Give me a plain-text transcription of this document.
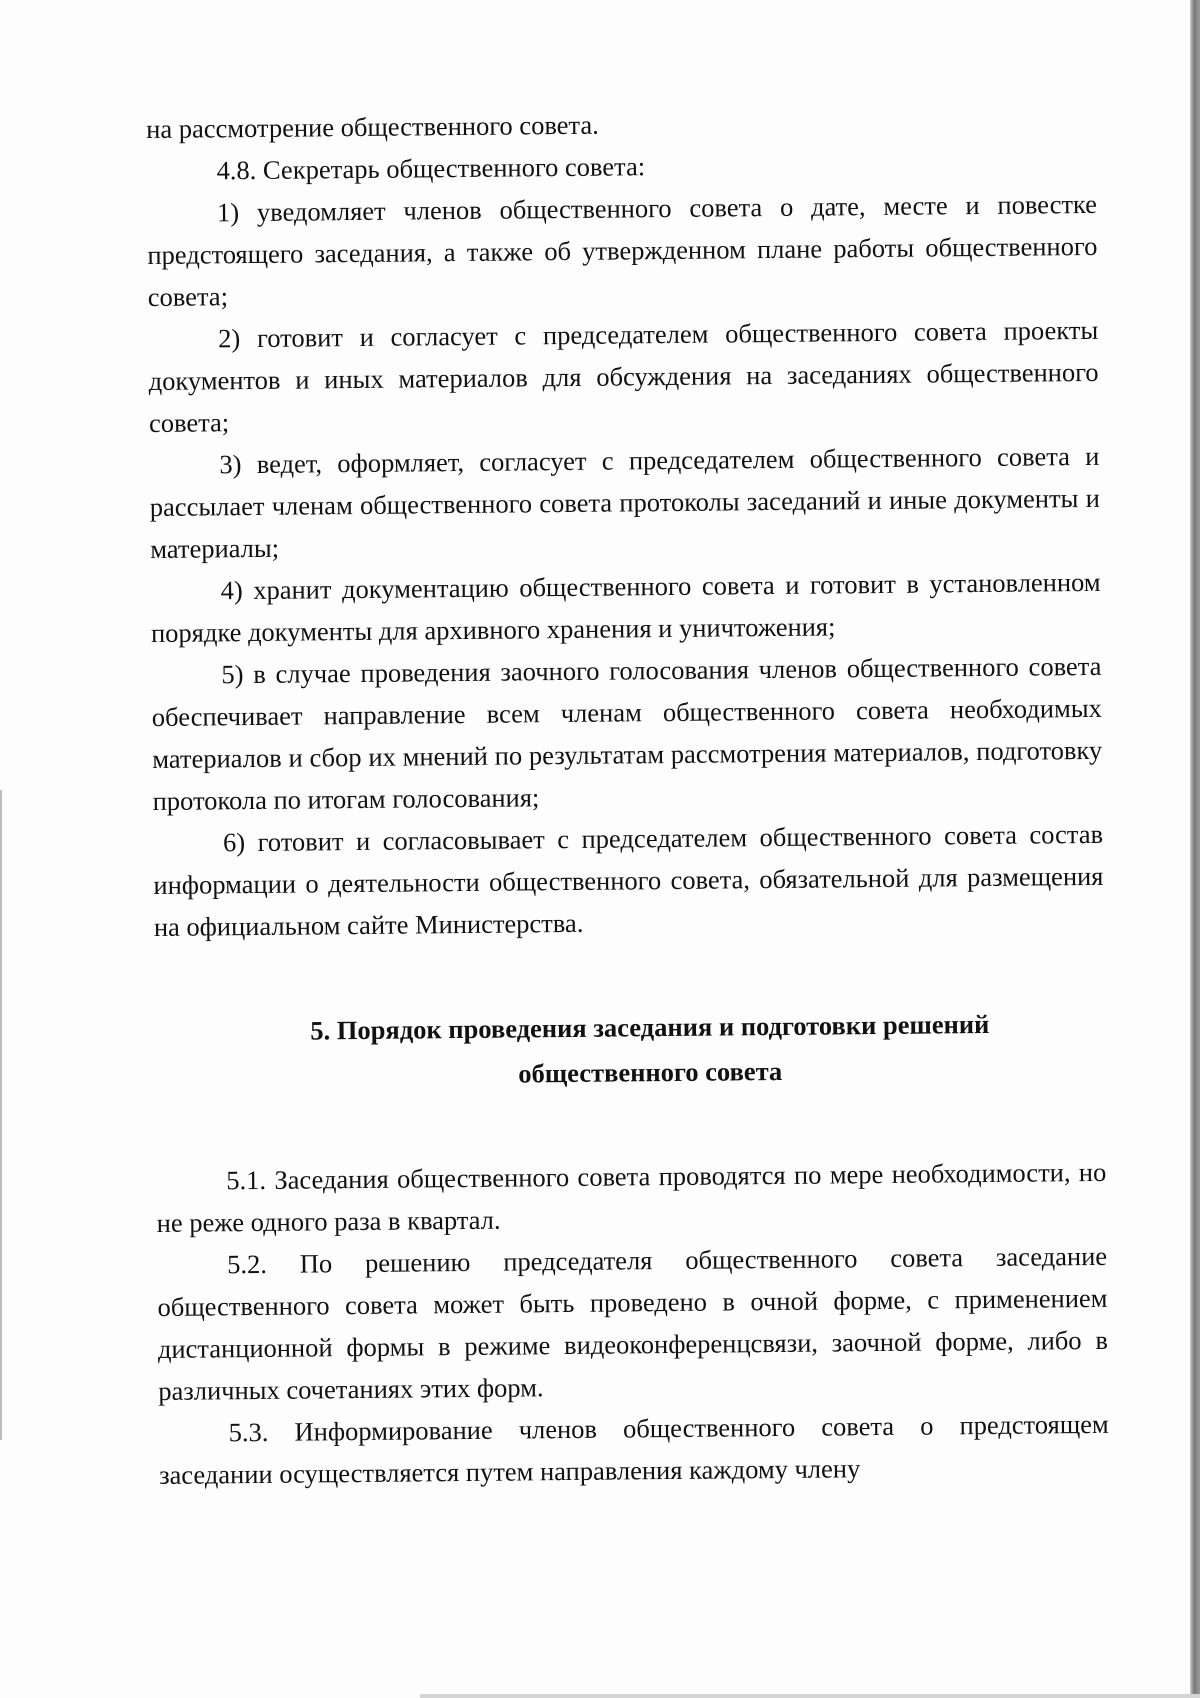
на рассмотрение общественного совета.

4.8. Секретарь общественного совета:

1) уведомляет членов общественного совета о дате, месте и повестке предстоящего заседания, а также об утвержденном плане работы общественного совета;

2) готовит и согласует с председателем общественного совета проекты документов и иных материалов для обсуждения на заседаниях общественного совета;

3) ведет, оформляет, согласует с председателем общественного совета и рассылает членам общественного совета протоколы заседаний и иные документы и материалы;

4) хранит документацию общественного совета и готовит в установленном порядке документы для архивного хранения и уничтожения;

5) в случае проведения заочного голосования членов общественного совета обеспечивает направление всем членам общественного совета необходимых материалов и сбор их мнений по результатам рассмотрения материалов, подготовку протокола по итогам голосования;

6) готовит и согласовывает с председателем общественного совета состав информации о деятельности общественного совета, обязательной для размещения на официальном сайте Министерства.

5. Порядок проведения заседания и подготовки решений
общественного совета

5.1. Заседания общественного совета проводятся по мере необходимости, но не реже одного раза в квартал.

5.2. По решению председателя общественного совета заседание общественного совета может быть проведено в очной форме, с применением дистанционной формы в режиме видеоконференцсвязи, заочной форме, либо в различных сочетаниях этих форм.

5.3. Информирование членов общественного совета о предстоящем заседании осуществляется путем направления каждому члену
